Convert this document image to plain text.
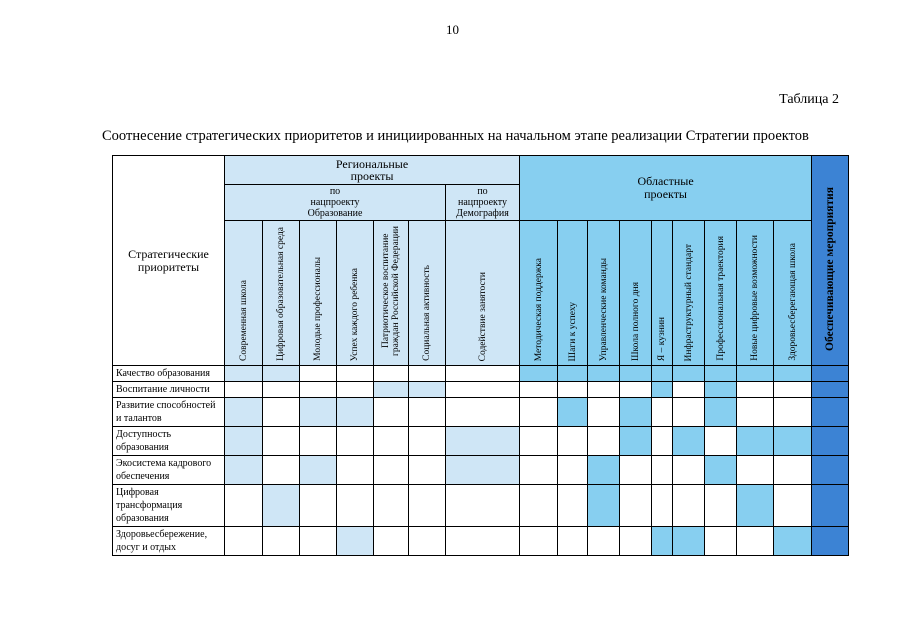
10
Таблица 2
Соотнесение стратегических приоритетов и инициированных на начальном этапе реализации Стратегии проектов
Стратегические приоритеты	Региональные
проекты							Областные
проекты									Обеспечивающие мероприятия

	по
нацпроекту
Образование						по
нацпроекту
Демография										

	Современная школа	Цифровая образовательная среда	Молодые профессионалы	Успех каждого ребенка	Патриотическое воспитание граждан Российской Федерации	Социальная активность	Содействие занятости	Методическая поддержка	Шаги к успеху	Управленческие команды	Школа полного дня	Я – кузнин	Инфраструктурный стандарт	Профессиональная траектория	Новые цифровые возможности	Здоровьесберегающая школа	

Качество образования																	
Воспитание личности																	
Развитие способностей и талантов																	
Доступность образования																	
Экосистема кадрового обеспечения																	
Цифровая трансформация образования																	
Здоровьесбережение, досуг и отдых																	
